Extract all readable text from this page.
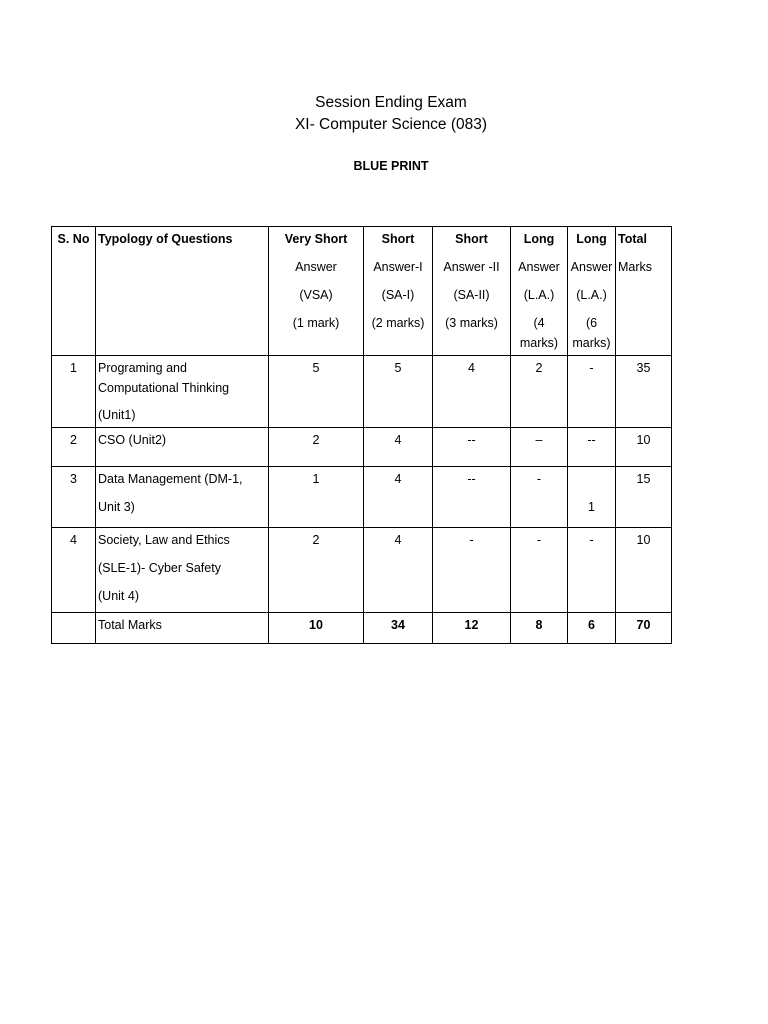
Session Ending Exam

XI- Computer Science (083)

BLUE PRINT
S. No	Typology of Questions	Very Short
Answer
(VSA)
(1 mark)	Short
Answer-I
(SA-I)
(2 marks)	Short
Answer -II
(SA-II)
(3 marks)	Long
Answer
(L.A.)
(4
marks)	Long
Answer
(L.A.)
(6
marks)	Total
Marks

1	Programing and
Computational Thinking
(Unit1)	5	5	4	2	-	35
2	CSO (Unit2)	2	4	--	–	--	10
3	Data Management (DM-1,
Unit 3)	1	4	--	-	1	15
4	Society, Law and Ethics
(SLE-1)- Cyber Safety
(Unit 4)	2	4	-	-	-	10
	Total Marks	10	34	12	8	6	70
